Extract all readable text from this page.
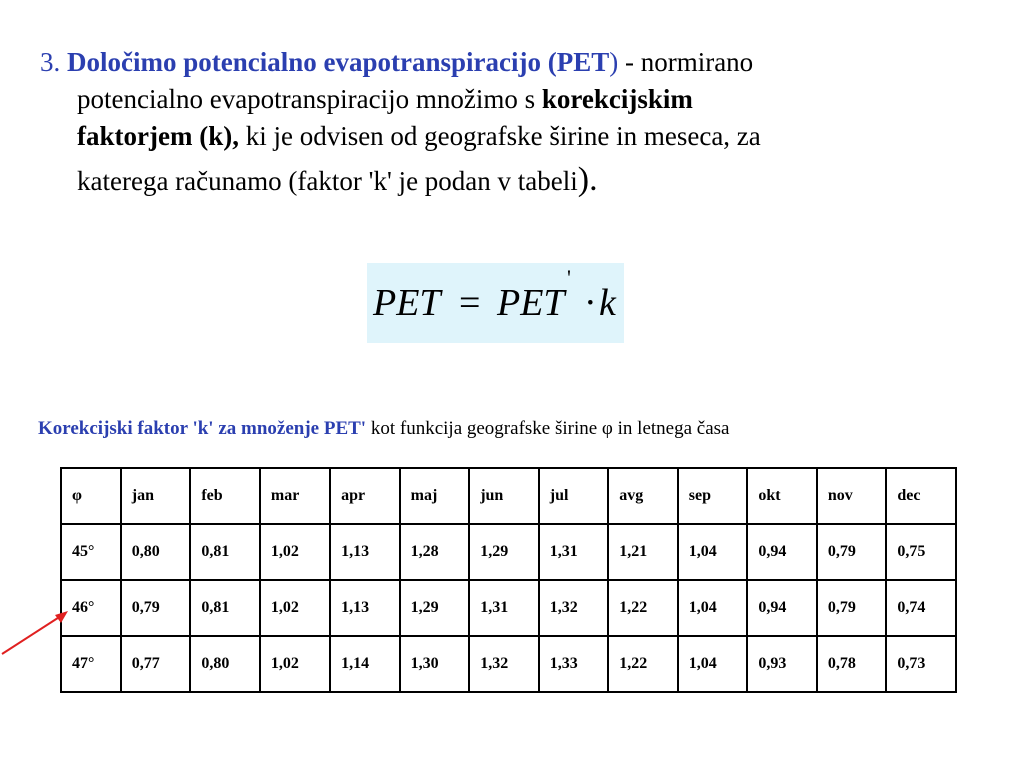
3. Določimo potencialno evapotranspiracijo (PET) - normirano
potencialno evapotranspiracijo množimo s korekcijskim
faktorjem (k), ki je odvisen od geografske širine in meseca, za
katerega računamo (faktor 'k' je podan v tabeli).
PET = PET
'
· k
Korekcijski faktor 'k' za množenje PET' kot funkcija geografske širine φ in letnega časa
φ	jan	feb	mar	apr	maj	jun	jul	avg	sep	okt	nov	dec
45°	0,80	0,81	1,02	1,13	1,28	1,29	1,31	1,21	1,04	0,94	0,79	0,75
46°	0,79	0,81	1,02	1,13	1,29	1,31	1,32	1,22	1,04	0,94	0,79	0,74
47°	0,77	0,80	1,02	1,14	1,30	1,32	1,33	1,22	1,04	0,93	0,78	0,73
